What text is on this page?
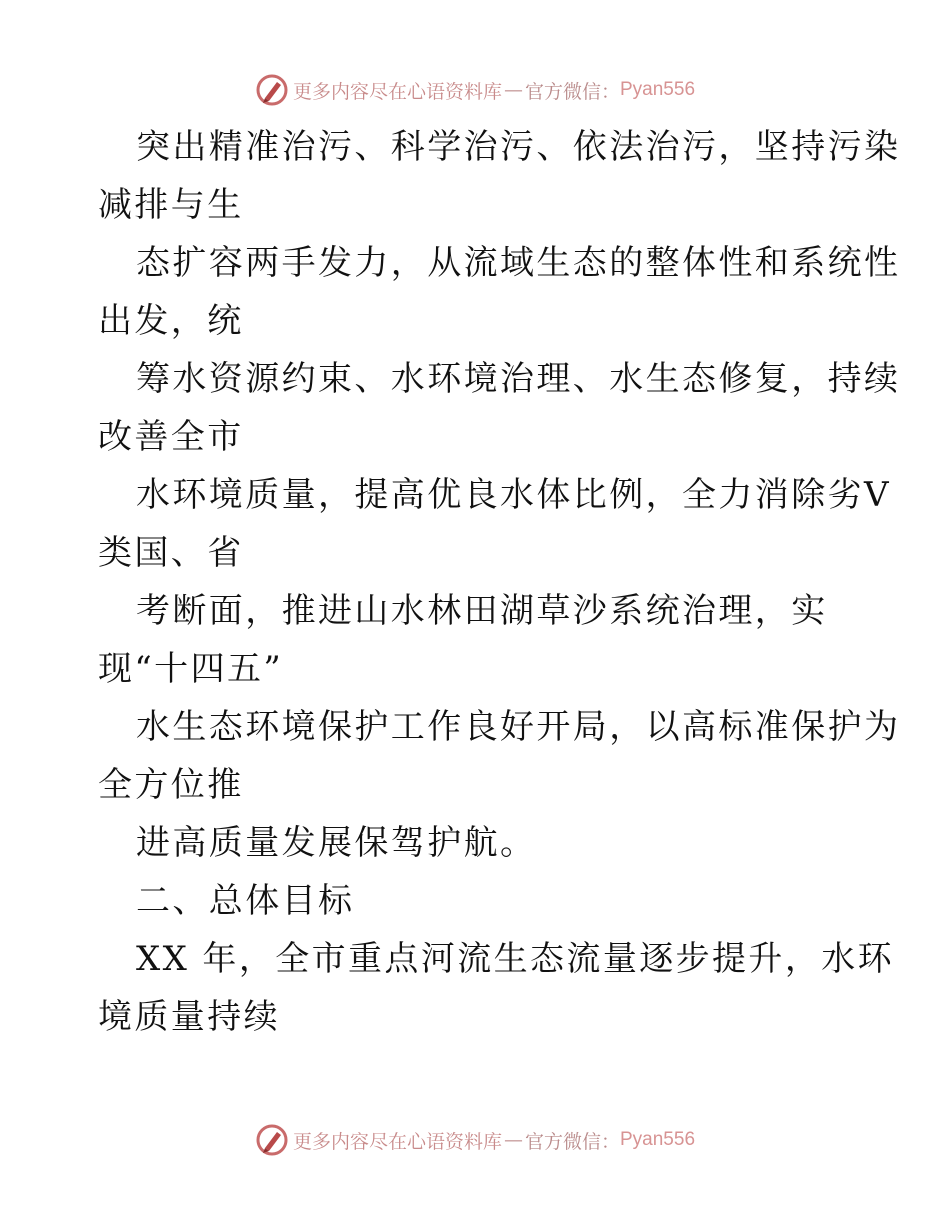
更多内容尽在心语资料库 — 官方微信： Pyan556
突出精准治污、科学治污、依法治污，坚持污染
减排与生
态扩容两手发力，从流域生态的整体性和系统性
出发，统
筹水资源约束、水环境治理、水生态修复，持续
改善全市
水环境质量，提高优良水体比例，全力消除劣Ⅴ
类国、省
考断面，推进山水林田湖草沙系统治理，实
现“十四五”
水生态环境保护工作良好开局，以高标准保护为
全方位推
进高质量发展保驾护航。
二、总体目标
XX 年，全市重点河流生态流量逐步提升，水环
境质量持续
更多内容尽在心语资料库 — 官方微信： Pyan556
